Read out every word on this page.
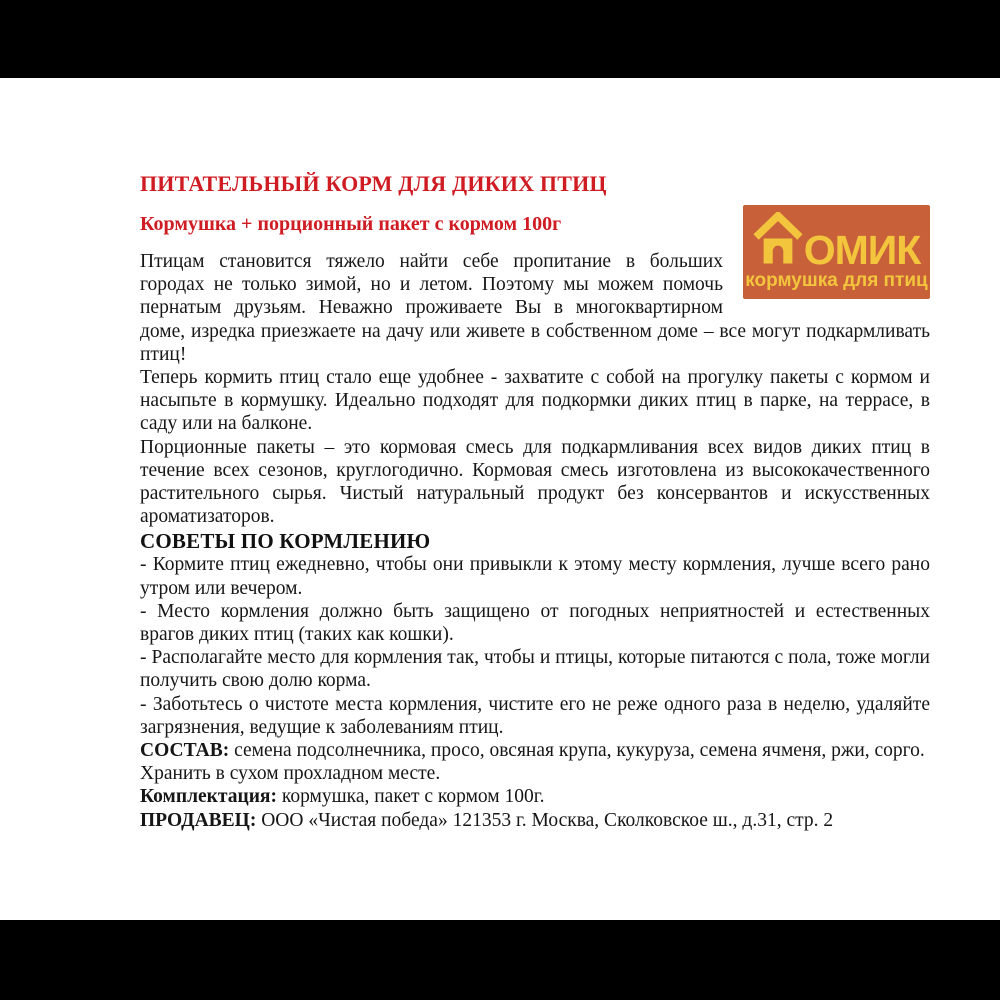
ПИТАТЕЛЬНЫЙ КОРМ ДЛЯ ДИКИХ ПТИЦ
ОМИК
кормушка для птиц
Кормушка + порционный пакет с кормом 100г

Птицам становится тяжело найти себе пропитание в больших городах не только зимой, но и летом. Поэтому мы можем помочь пернатым друзьям. Неважно проживаете Вы в многоквартирном доме, изредка приезжаете на дачу или живете в собственном доме – все могут подкармливать птиц!

Теперь кормить птиц стало еще удобнее - захватите с собой на прогулку пакеты с кормом и насыпьте в кормушку. Идеально подходят для подкормки диких птиц в парке, на террасе, в саду или на балконе.

Порционные пакеты – это кормовая смесь для подкармливания всех видов диких птиц в течение всех сезонов, круглогодично. Кормовая смесь изготовлена из высококачественного растительного сырья. Чистый натуральный продукт без консервантов и искусственных ароматизаторов.

СОВЕТЫ ПО КОРМЛЕНИЮ

- Кормите птиц ежедневно, чтобы они привыкли к этому месту кормления, лучше всего рано утром или вечером.

- Место кормления должно быть защищено от погодных неприятностей и естественных врагов диких птиц (таких как кошки).

- Располагайте место для кормления так, чтобы и птицы, которые питаются с пола, тоже могли получить свою долю корма.

- Заботьтесь о чистоте места кормления, чистите его не реже одного раза в неделю, удаляйте загрязнения, ведущие к заболеваниям птиц.

СОСТАВ: семена подсолнечника, просо, овсяная крупа, кукуруза, семена ячменя, ржи, сорго.

Хранить в сухом прохладном месте.

Комплектация: кормушка, пакет с кормом 100г.

ПРОДАВЕЦ: ООО «Чистая победа» 121353 г. Москва, Сколковское ш., д.31, стр. 2
